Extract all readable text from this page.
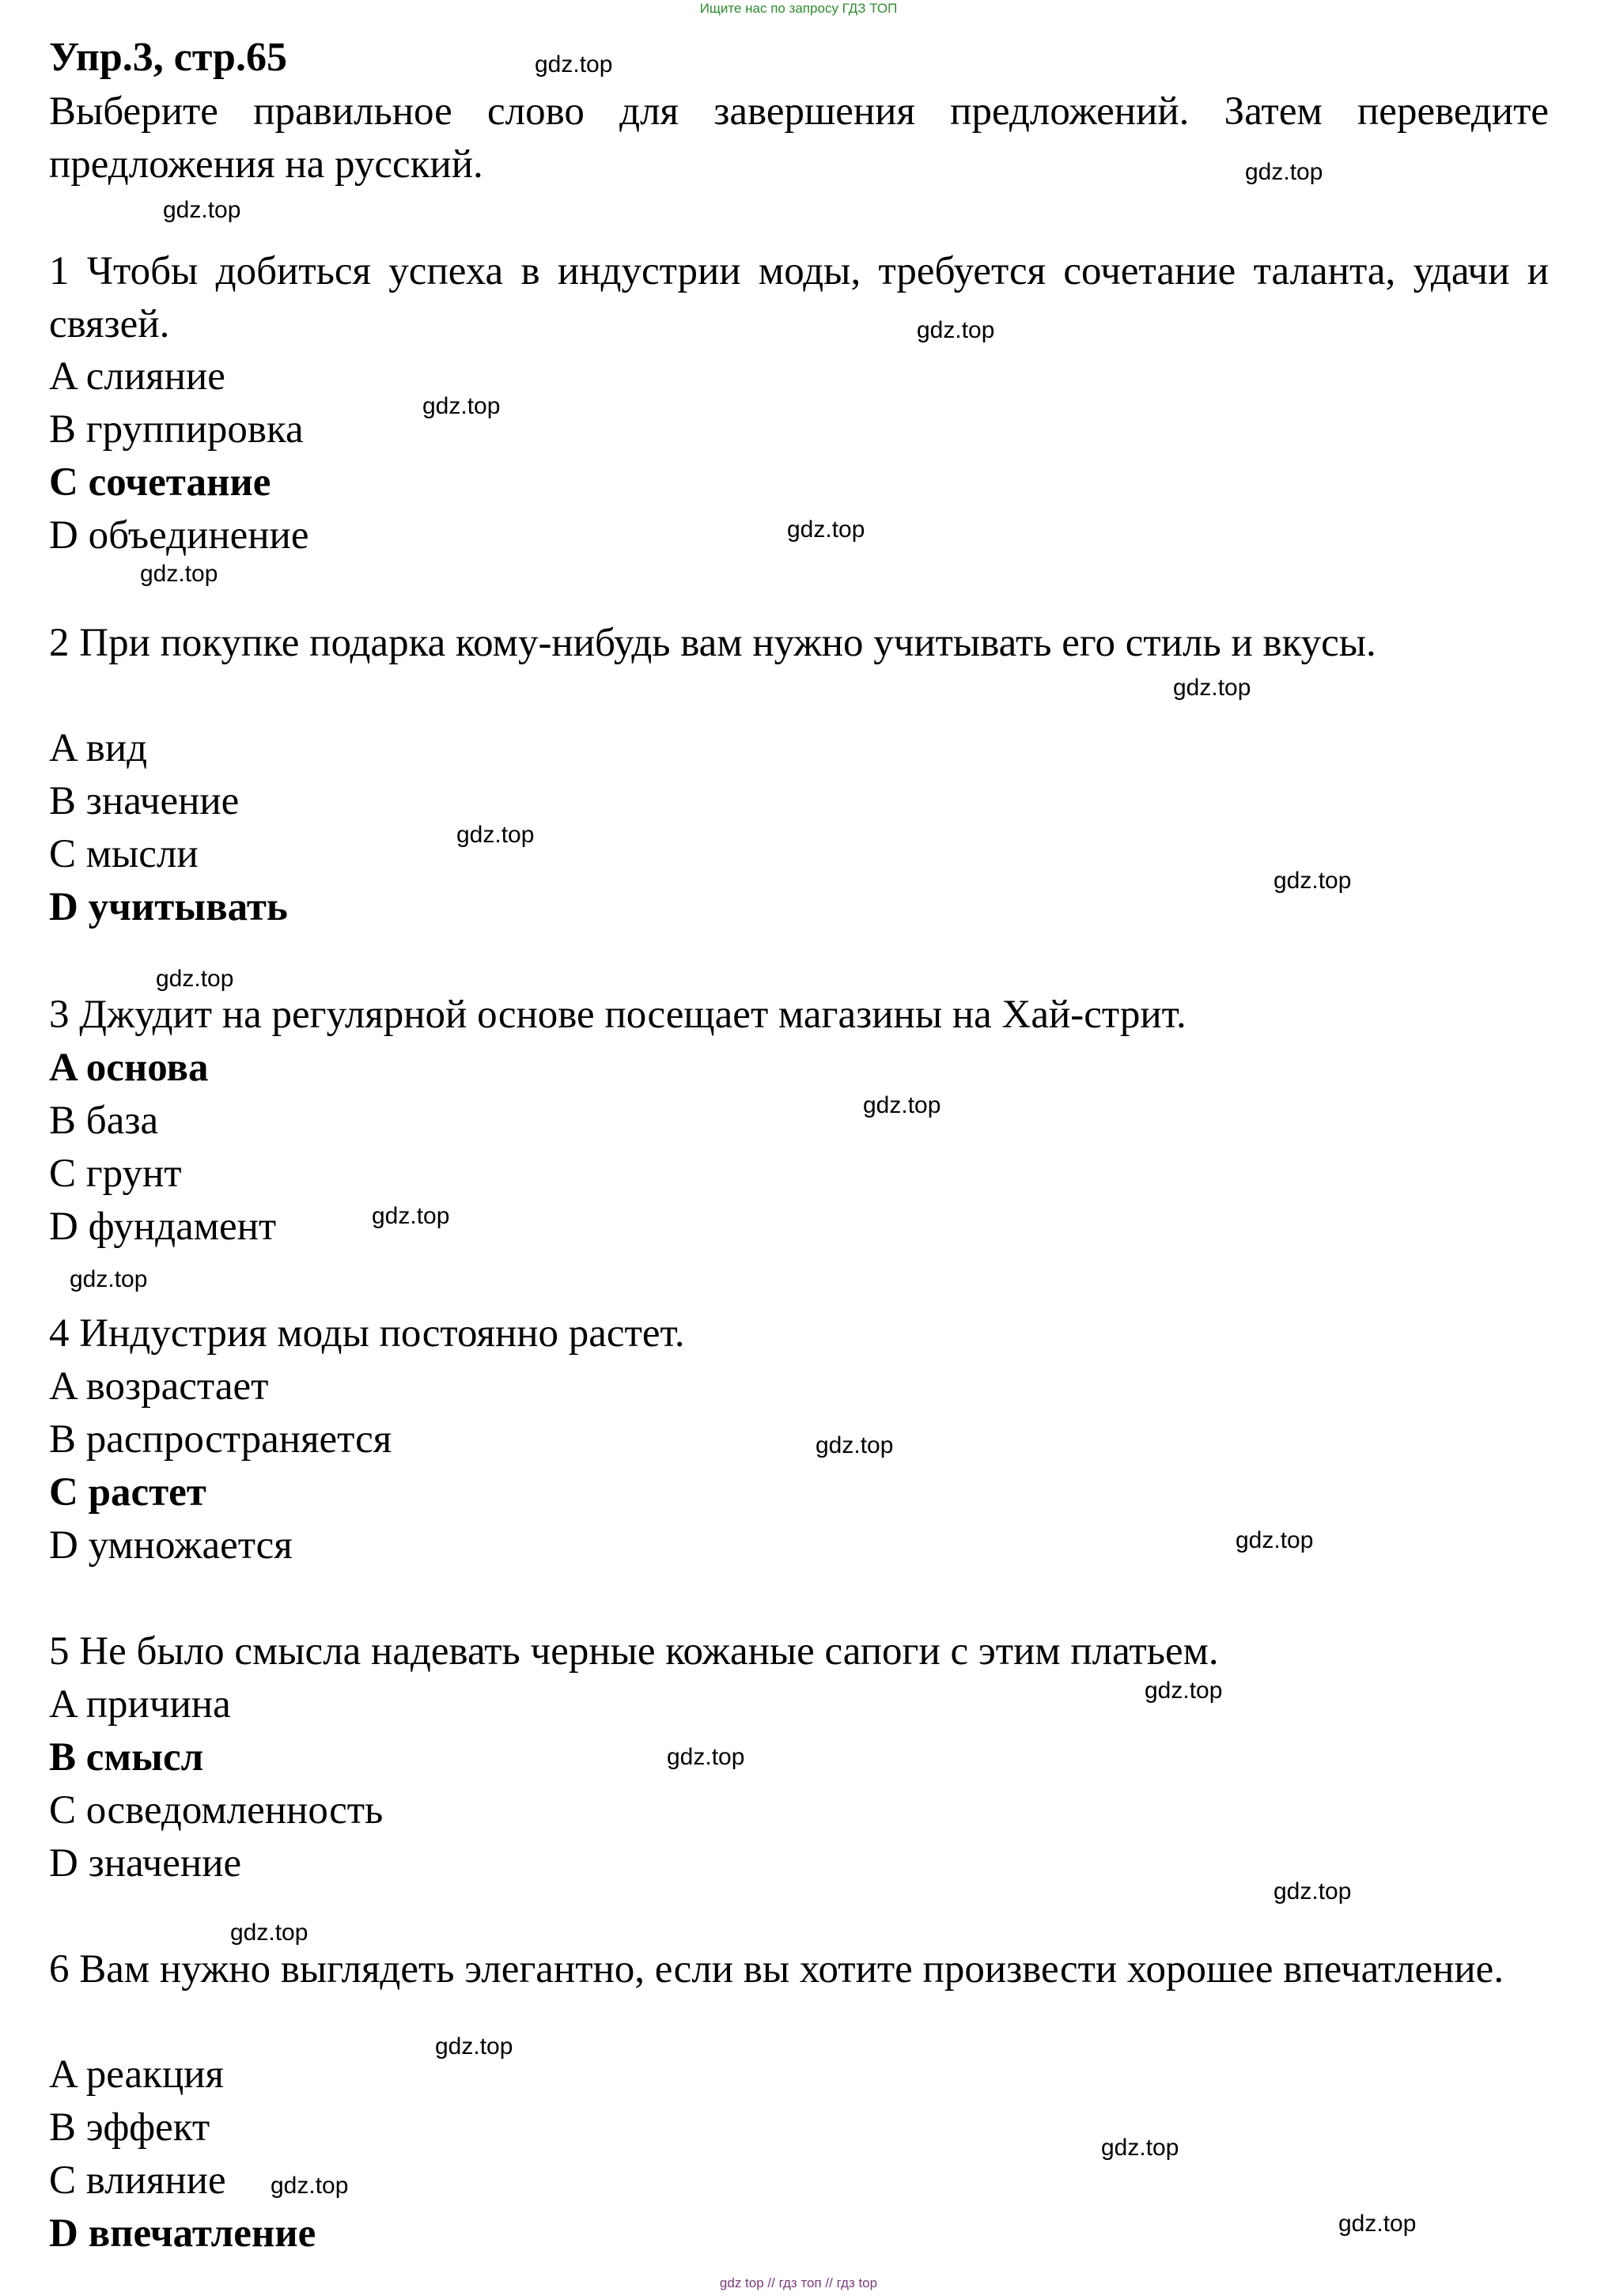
Ищите нас по запросу ГДЗ ТОП
Упр.3, стр.65

Выберите правильное слово для завершения предложений. Затем переведите предложения на русский.

1 Чтобы добиться успеха в индустрии моды, требуется сочетание таланта, удачи и связей.

A слияние

B группировка

C сочетание

D объединение

2 При покупке подарка кому-нибудь вам нужно учитывать его стиль и вкусы.

A вид

B значение

C мысли

D учитывать

3 Джудит на регулярной основе посещает магазины на Хай-стрит.

A основа

B база

C грунт

D фундамент

4 Индустрия моды постоянно растет.

A возрастает

B распространяется

C растет

D умножается

5 Не было смысла надевать черные кожаные сапоги с этим платьем.

A причина

B смысл

C осведомленность

D значение

6 Вам нужно выглядеть элегантно, если вы хотите произвести хорошее впечатление.

A реакция

B эффект

C влияние

D впечатление

gdz.top
gdz.top
gdz.top
gdz.top
gdz.top
gdz.top
gdz.top
gdz.top
gdz.top
gdz.top
gdz.top
gdz.top
gdz.top
gdz.top
gdz.top
gdz.top
gdz.top
gdz.top
gdz.top
gdz.top
gdz.top
gdz.top
gdz.top
gdz.top
gdz top // гдз топ // гдз top
